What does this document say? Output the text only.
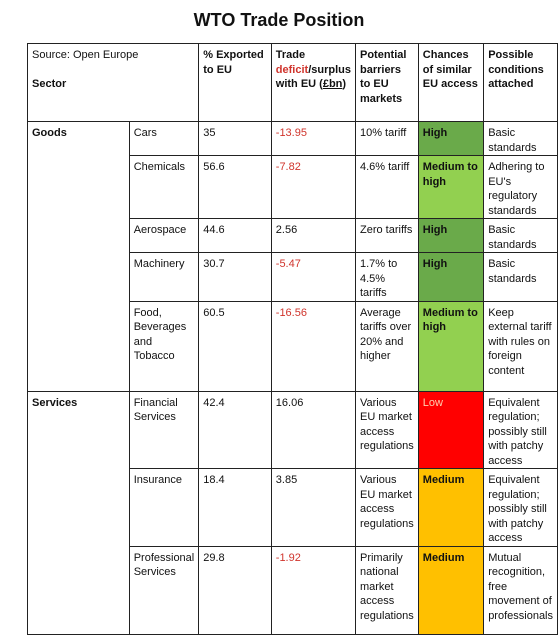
WTO Trade Position
Source: Open Europe
Sector		% Exported to EU	Trade deficit/surplus with EU (£bn)	Potential barriers to EU markets	Chances of similar EU access	Possible conditions attached
Goods	Cars	35	-13.95	10% tariff	High	Basic standards
	Chemicals	56.6	-7.82	4.6% tariff	Medium to high	Adhering to EU's regulatory standards
	Aerospace	44.6	2.56	Zero tariffs	High	Basic standards
	Machinery	30.7	-5.47	1.7% to 4.5% tariffs	High	Basic standards
	Food, Beverages and Tobacco	60.5	-16.56	Average tariffs over 20% and higher	Medium to high	Keep external tariff with rules on foreign content
Services	Financial Services	42.4	16.06	Various EU market access regulations	Low	Equivalent regulation; possibly still with patchy access
	Insurance	18.4	3.85	Various EU market access regulations	Medium	Equivalent regulation; possibly still with patchy access
	Professional Services	29.8	-1.92	Primarily national market access regulations	Medium	Mutual recognition, free movement of professionals
